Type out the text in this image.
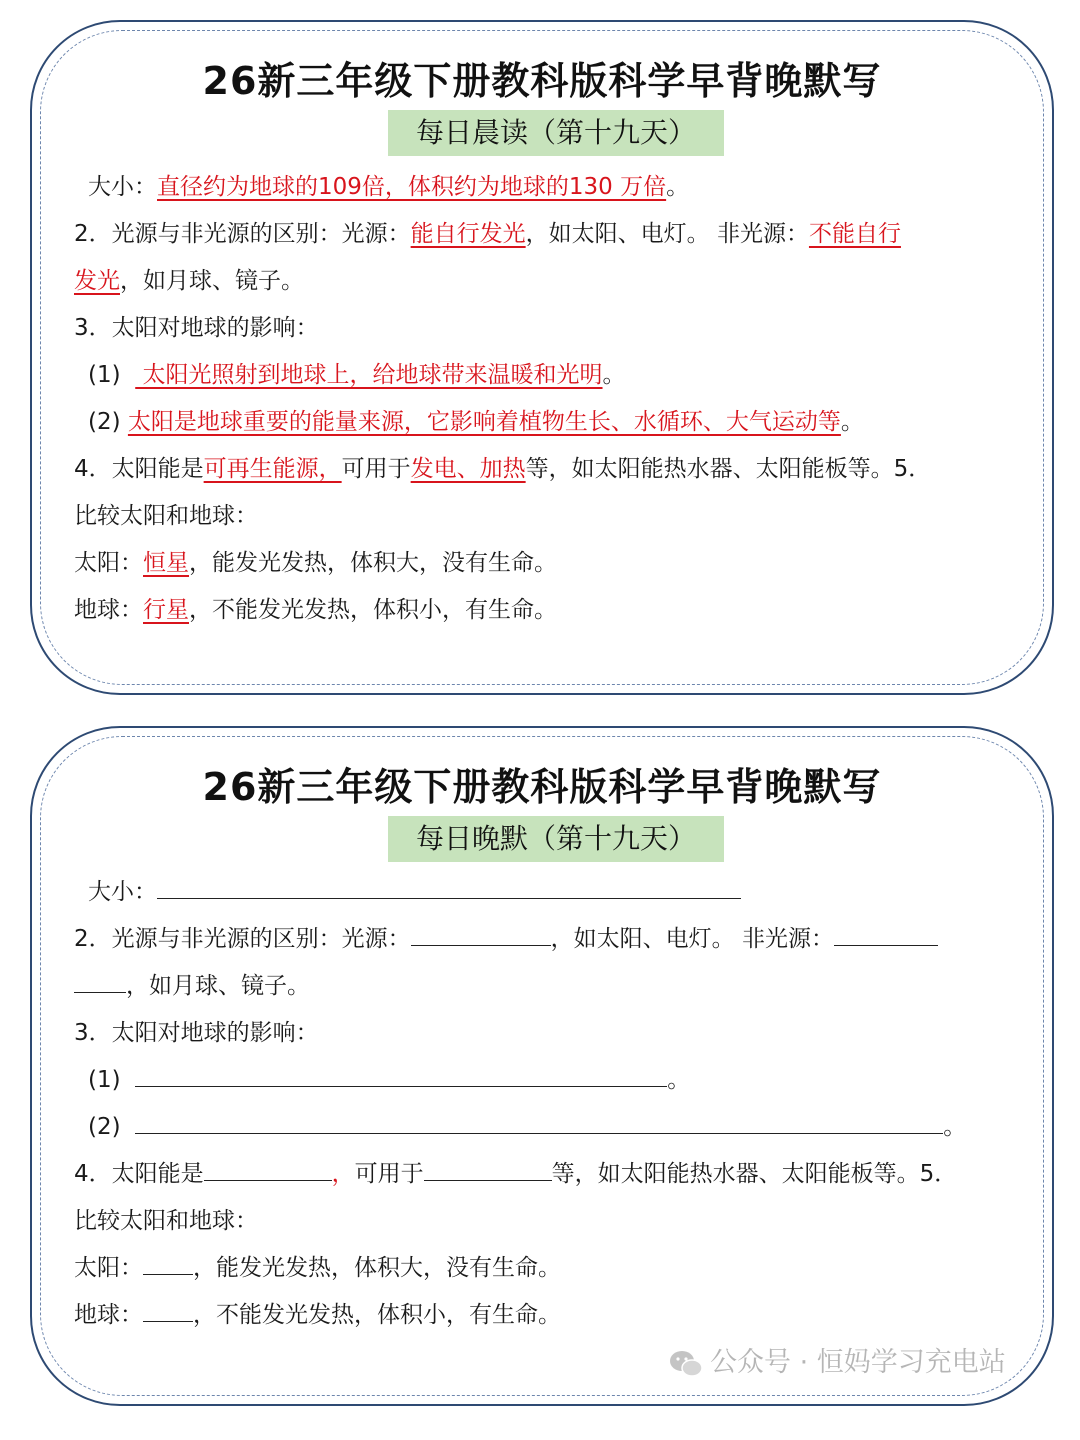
26新三年级下册教科版科学早背晚默写
每日晨读（第十九天）
大小：直径约为地球的109倍，体积约为地球的130 万倍。
2．光源与非光源的区别：光源：能自行发光，如太阳、电灯。 非光源：不能自行
发光，如月球、镜子。
3．太阳对地球的影响：
(1)   太阳光照射到地球上，给地球带来温暖和光明。
(2) 太阳是地球重要的能量来源，它影响着植物生长、水循环、大气运动等。
4．太阳能是可再生能源，可用于发电、加热等，如太阳能热水器、太阳能板等。5．
比较太阳和地球：
太阳：恒星，能发光发热，体积大，没有生命。
地球：行星，不能发光发热，体积小，有生命。
26新三年级下册教科版科学早背晚默写
每日晚默（第十九天）
大小：
2．光源与非光源的区别：光源：	，如太阳、电灯。 非光源：
，如月球、镜子。
3．太阳对地球的影响：
(1)	。
(2)	。
4．太阳能是	，可用于	等，如太阳能热水器、太阳能板等。5．
比较太阳和地球：
太阳： ，能发光发热，体积大，没有生命。
地球： ，不能发光发热，体积小，有生命。
公众号 · 恒妈学习充电站
